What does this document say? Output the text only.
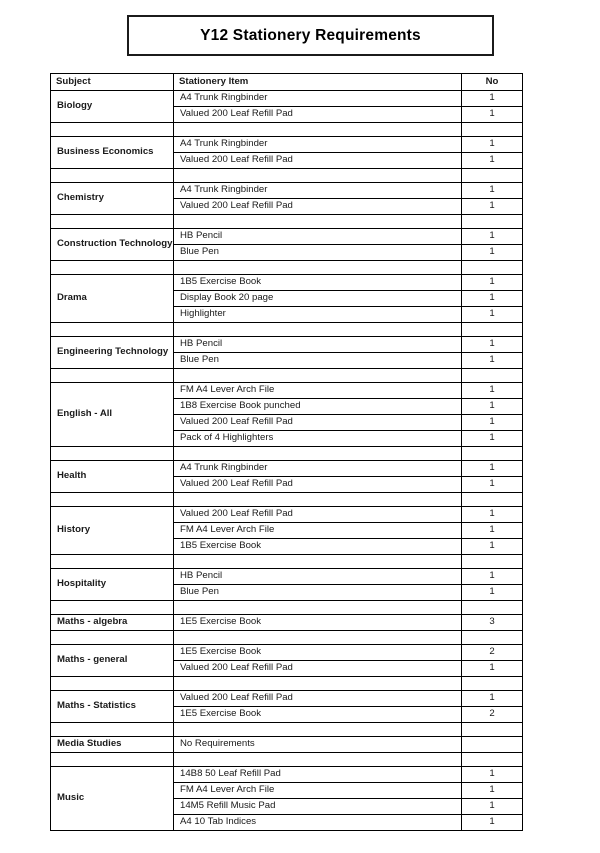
Y12 Stationery Requirements
Subject	Stationery Item	No
Biology	A4 Trunk Ringbinder	1
	Valued 200 Leaf Refill Pad	1

Business Economics	A4 Trunk Ringbinder	1
	Valued 200 Leaf Refill Pad	1

Chemistry	A4 Trunk Ringbinder	1
	Valued 200 Leaf Refill Pad	1

Construction Technology	HB Pencil	1
	Blue Pen	1

Drama	1B5 Exercise Book	1
	Display Book 20 page	1
	Highlighter	1

Engineering Technology	HB Pencil	1
	Blue Pen	1

English - All	FM A4 Lever Arch File	1
	1B8 Exercise Book punched	1
	Valued 200 Leaf Refill Pad	1
	Pack of 4 Highlighters	1

Health	A4 Trunk Ringbinder	1
	Valued 200 Leaf Refill Pad	1

History	Valued 200 Leaf Refill Pad	1
	FM A4 Lever Arch File	1
	1B5 Exercise Book	1

Hospitality	HB Pencil	1
	Blue Pen	1

Maths - algebra	1E5 Exercise Book	3

Maths - general	1E5 Exercise Book	2
	Valued 200 Leaf Refill Pad	1

Maths - Statistics	Valued 200 Leaf Refill Pad	1
	1E5 Exercise Book	2

Media Studies	No Requirements	

Music	14B8 50 Leaf Refill Pad	1
	FM A4 Lever Arch File	1
	14M5 Refill Music Pad	1
	A4 10 Tab Indices	1
